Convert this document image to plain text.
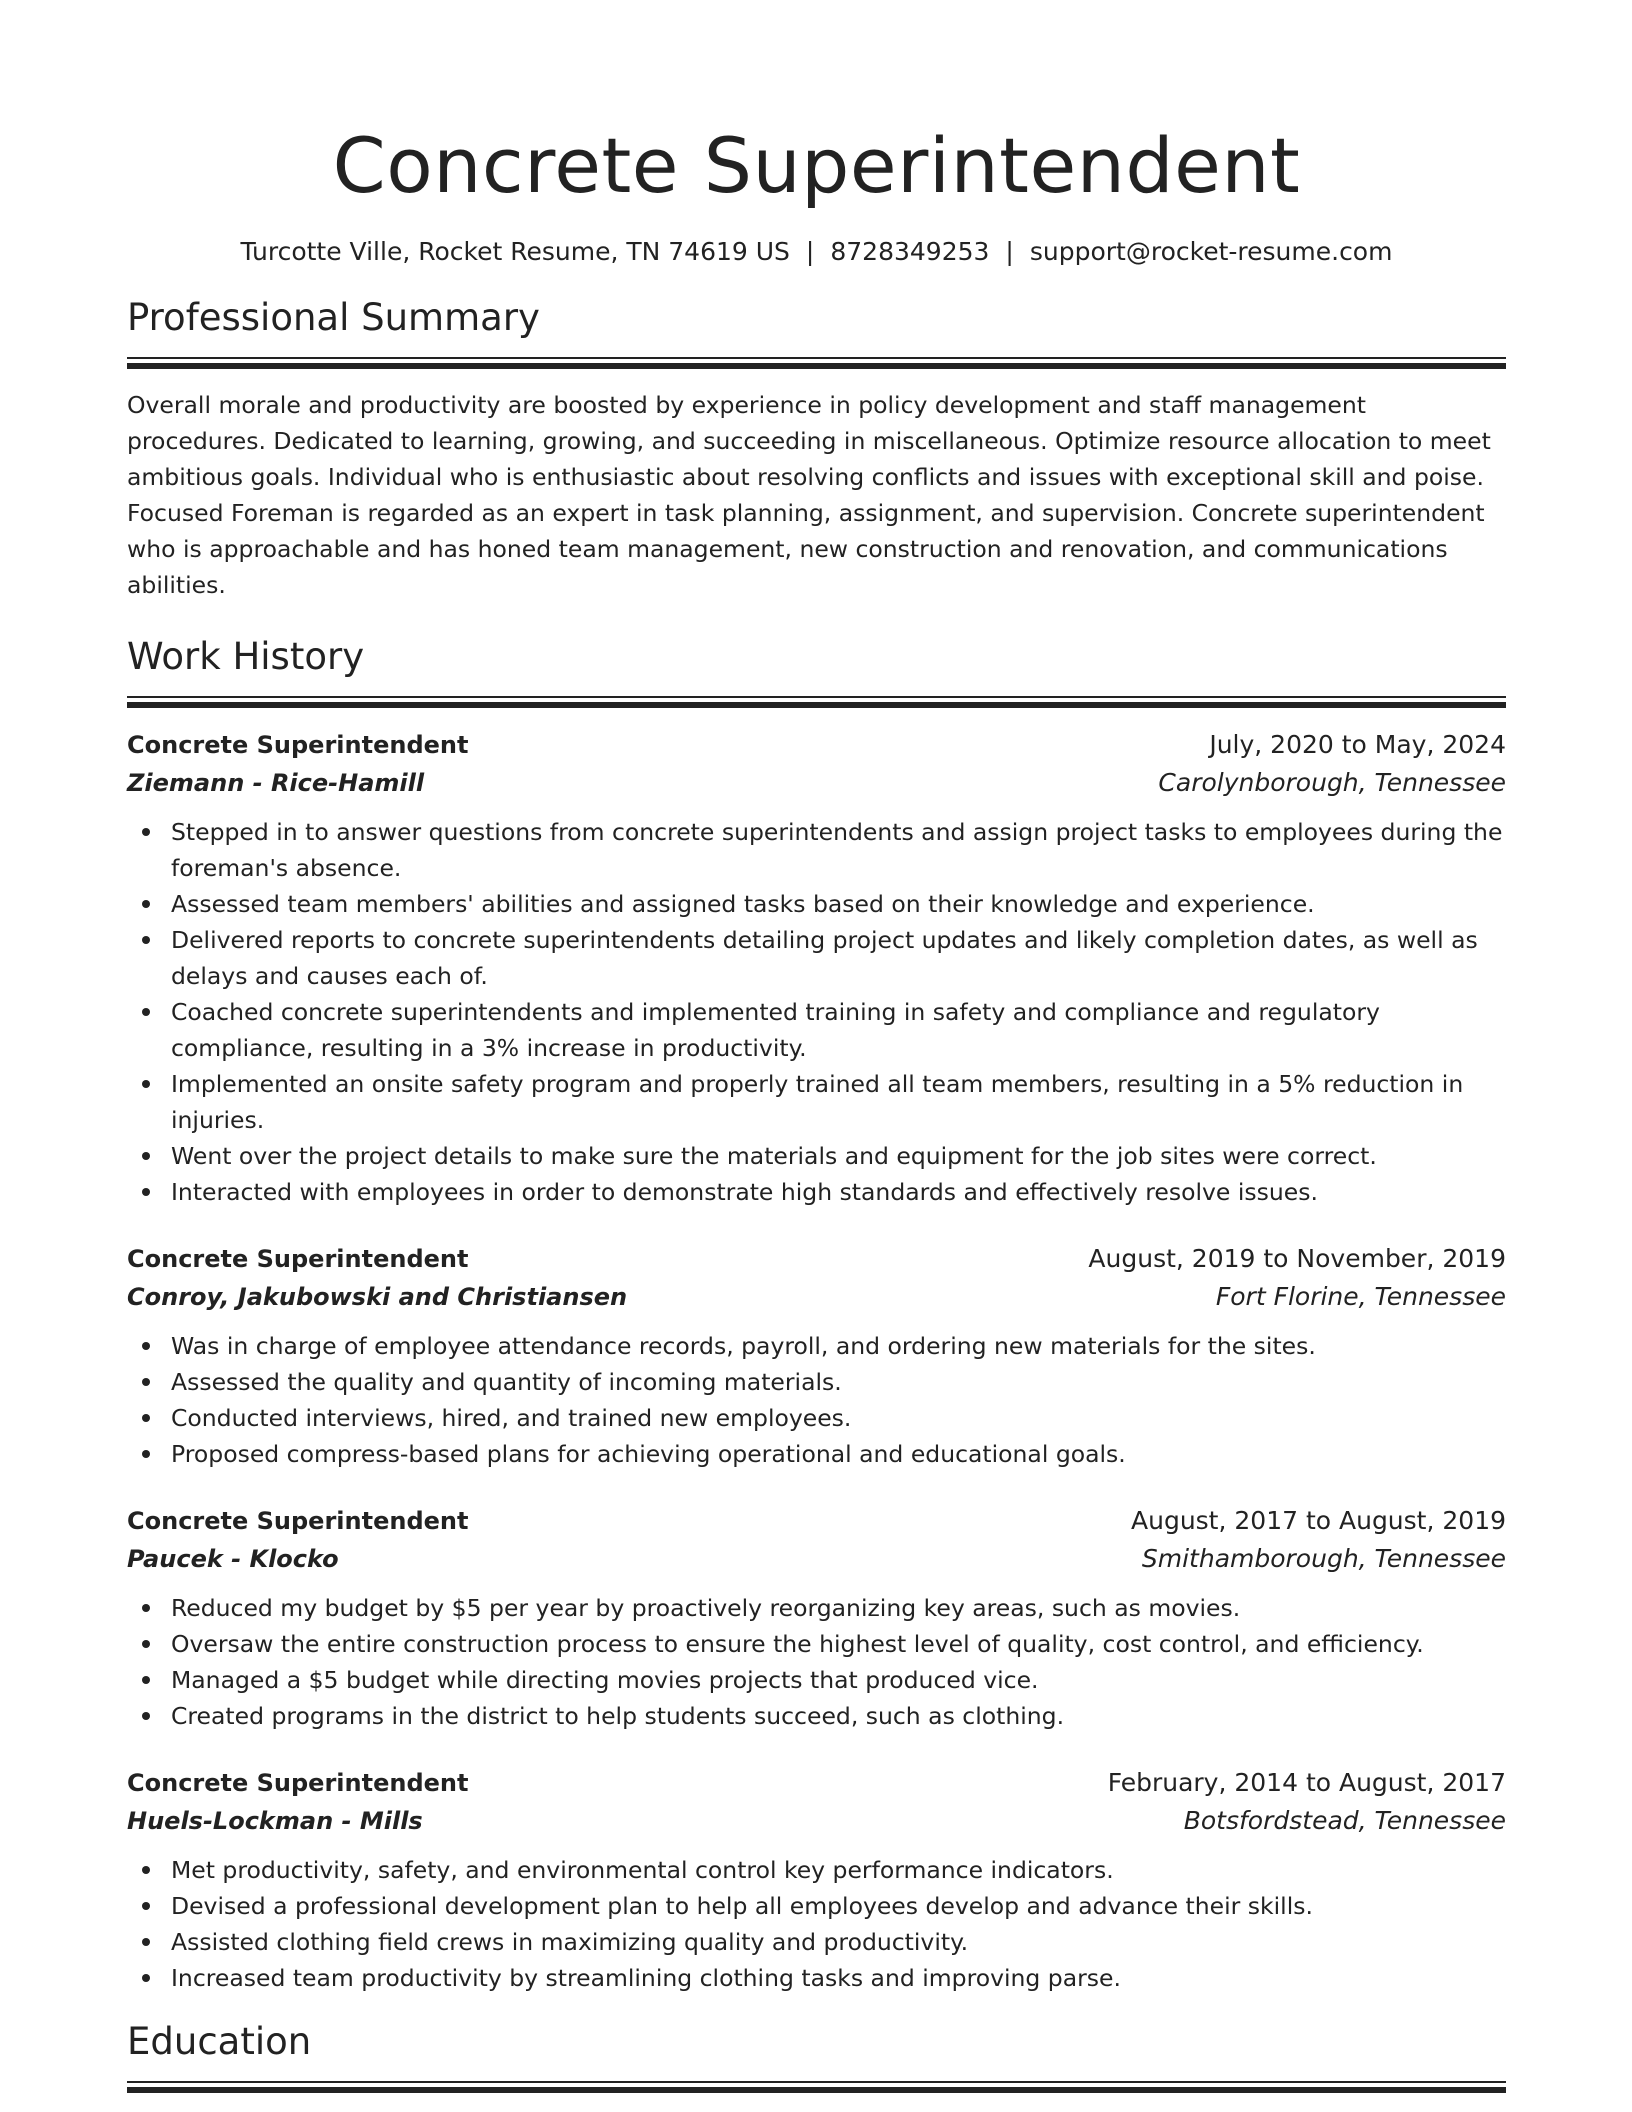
Concrete Superintendent
Turcotte Ville, Rocket Resume, TN 74619 US | 8728349253 | support@rocket-resume.com
Professional Summary

Overall morale and productivity are boosted by experience in policy development and staff management procedures. Dedicated to learning, growing, and succeeding in miscellaneous. Optimize resource allocation to meet ambitious goals. Individual who is enthusiastic about resolving conflicts and issues with exceptional skill and poise. Focused Foreman is regarded as an expert in task planning, assignment, and supervision. Concrete superintendent who is approachable and has honed team management, new construction and renovation, and communications abilities.

Work History
Concrete Superintendent	July, 2020 to May, 2024
Ziemann - Rice-Hamill	Carolynborough, Tennessee
Stepped in to answer questions from concrete superintendents and assign project tasks to employees during the foreman's absence.
Assessed team members' abilities and assigned tasks based on their knowledge and experience.
Delivered reports to concrete superintendents detailing project updates and likely completion dates, as well as delays and causes each of.
Coached concrete superintendents and implemented training in safety and compliance and regulatory compliance, resulting in a 3% increase in productivity.
Implemented an onsite safety program and properly trained all team members, resulting in a 5% reduction in injuries.
Went over the project details to make sure the materials and equipment for the job sites were correct.
Interacted with employees in order to demonstrate high standards and effectively resolve issues.
Concrete Superintendent	August, 2019 to November, 2019
Conroy, Jakubowski and Christiansen	Fort Florine, Tennessee
Was in charge of employee attendance records, payroll, and ordering new materials for the sites.
Assessed the quality and quantity of incoming materials.
Conducted interviews, hired, and trained new employees.
Proposed compress-based plans for achieving operational and educational goals.
Concrete Superintendent	August, 2017 to August, 2019
Paucek - Klocko	Smithamborough, Tennessee
Reduced my budget by $5 per year by proactively reorganizing key areas, such as movies.
Oversaw the entire construction process to ensure the highest level of quality, cost control, and efficiency.
Managed a $5 budget while directing movies projects that produced vice.
Created programs in the district to help students succeed, such as clothing.
Concrete Superintendent	February, 2014 to August, 2017
Huels-Lockman - Mills	Botsfordstead, Tennessee
Met productivity, safety, and environmental control key performance indicators.
Devised a professional development plan to help all employees develop and advance their skills.
Assisted clothing field crews in maximizing quality and productivity.
Increased team productivity by streamlining clothing tasks and improving parse.
Education
